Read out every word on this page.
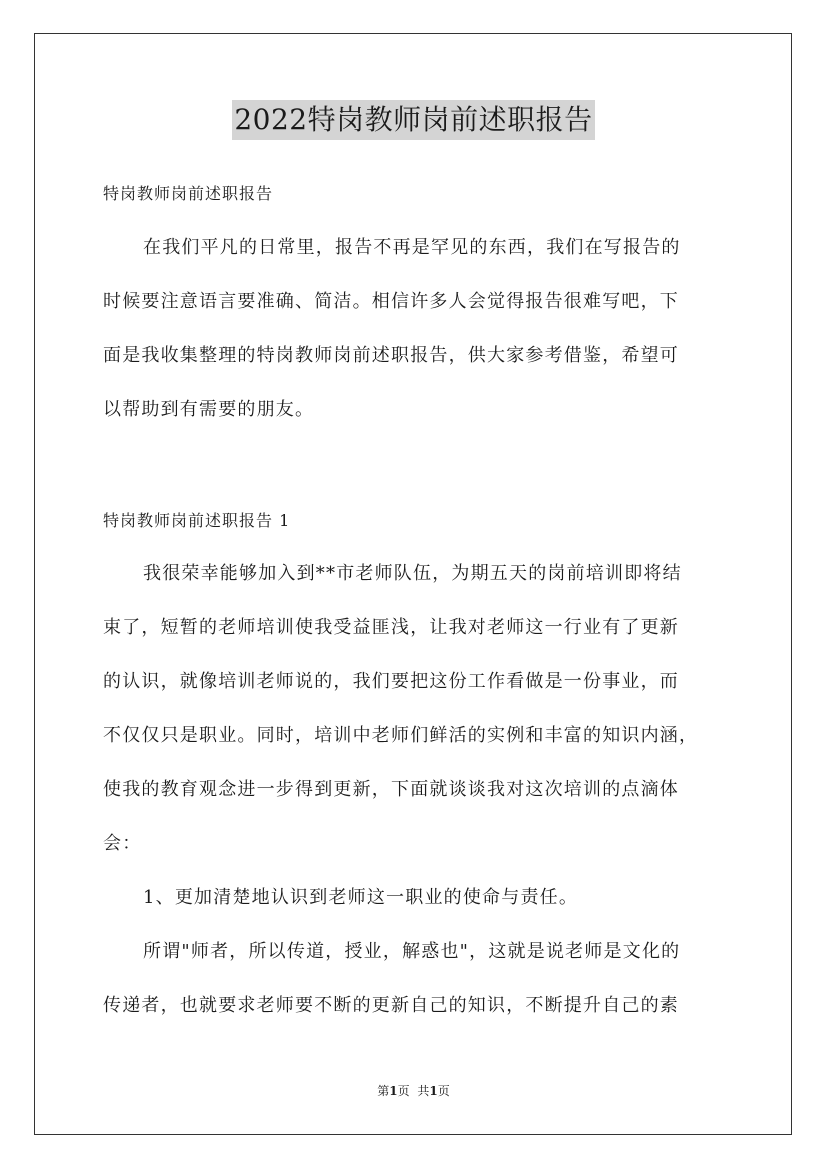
2022特岗教师岗前述职报告
特岗教师岗前述职报告
在我们平凡的日常里，报告不再是罕见的东西，我们在写报告的
时候要注意语言要准确、简洁。相信许多人会觉得报告很难写吧，下
面是我收集整理的特岗教师岗前述职报告，供大家参考借鉴，希望可
以帮助到有需要的朋友。
特岗教师岗前述职报告 1
我很荣幸能够加入到**市老师队伍，为期五天的岗前培训即将结
束了，短暂的老师培训使我受益匪浅，让我对老师这一行业有了更新
的认识，就像培训老师说的，我们要把这份工作看做是一份事业，而
不仅仅只是职业。同时，培训中老师们鲜活的实例和丰富的知识内涵，
使我的教育观念进一步得到更新，下面就谈谈我对这次培训的点滴体
会：
1、更加清楚地认识到老师这一职业的使命与责任。
所谓"师者，所以传道，授业，解惑也"，这就是说老师是文化的
传递者，也就要求老师要不断的更新自己的知识，不断提升自己的素
第1页 共1页
